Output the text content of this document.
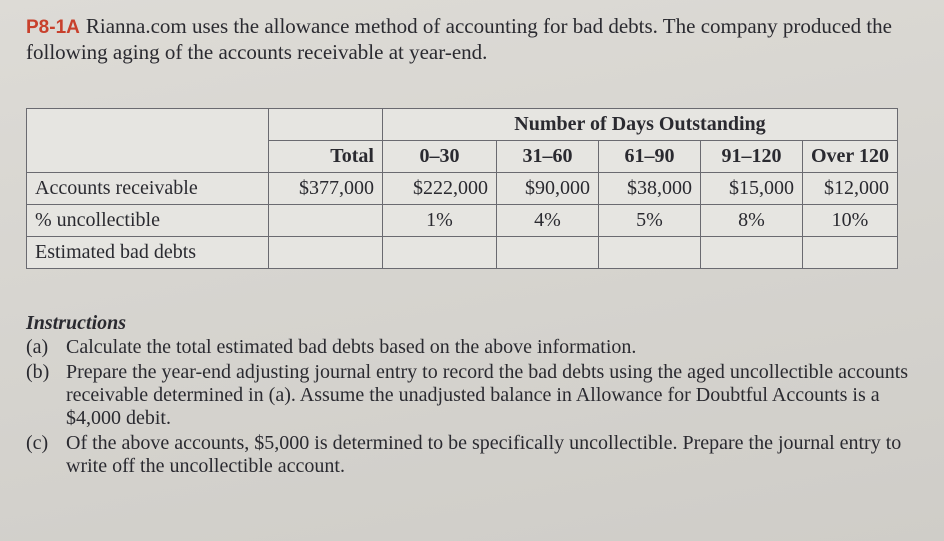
P8-1A Rianna.com uses the allowance method of accounting for bad debts. The company produced the following aging of the accounts receivable at year-end.
		Number of Days Outstanding				
	Total	0–30	31–60	61–90	91–120	Over 120
Accounts receivable	$377,000	$222,000	$90,000	$38,000	$15,000	$12,000
% uncollectible		1%	4%	5%	8%	10%
Estimated bad debts						
Instructions
(a) Calculate the total estimated bad debts based on the above information.
(b) Prepare the year-end adjusting journal entry to record the bad debts using the aged uncollectible accounts receivable determined in (a). Assume the unadjusted balance in Allowance for Doubtful Accounts is a $4,000 debit.
(c) Of the above accounts, $5,000 is determined to be specifically uncollectible. Prepare the journal entry to write off the uncollectible account.
